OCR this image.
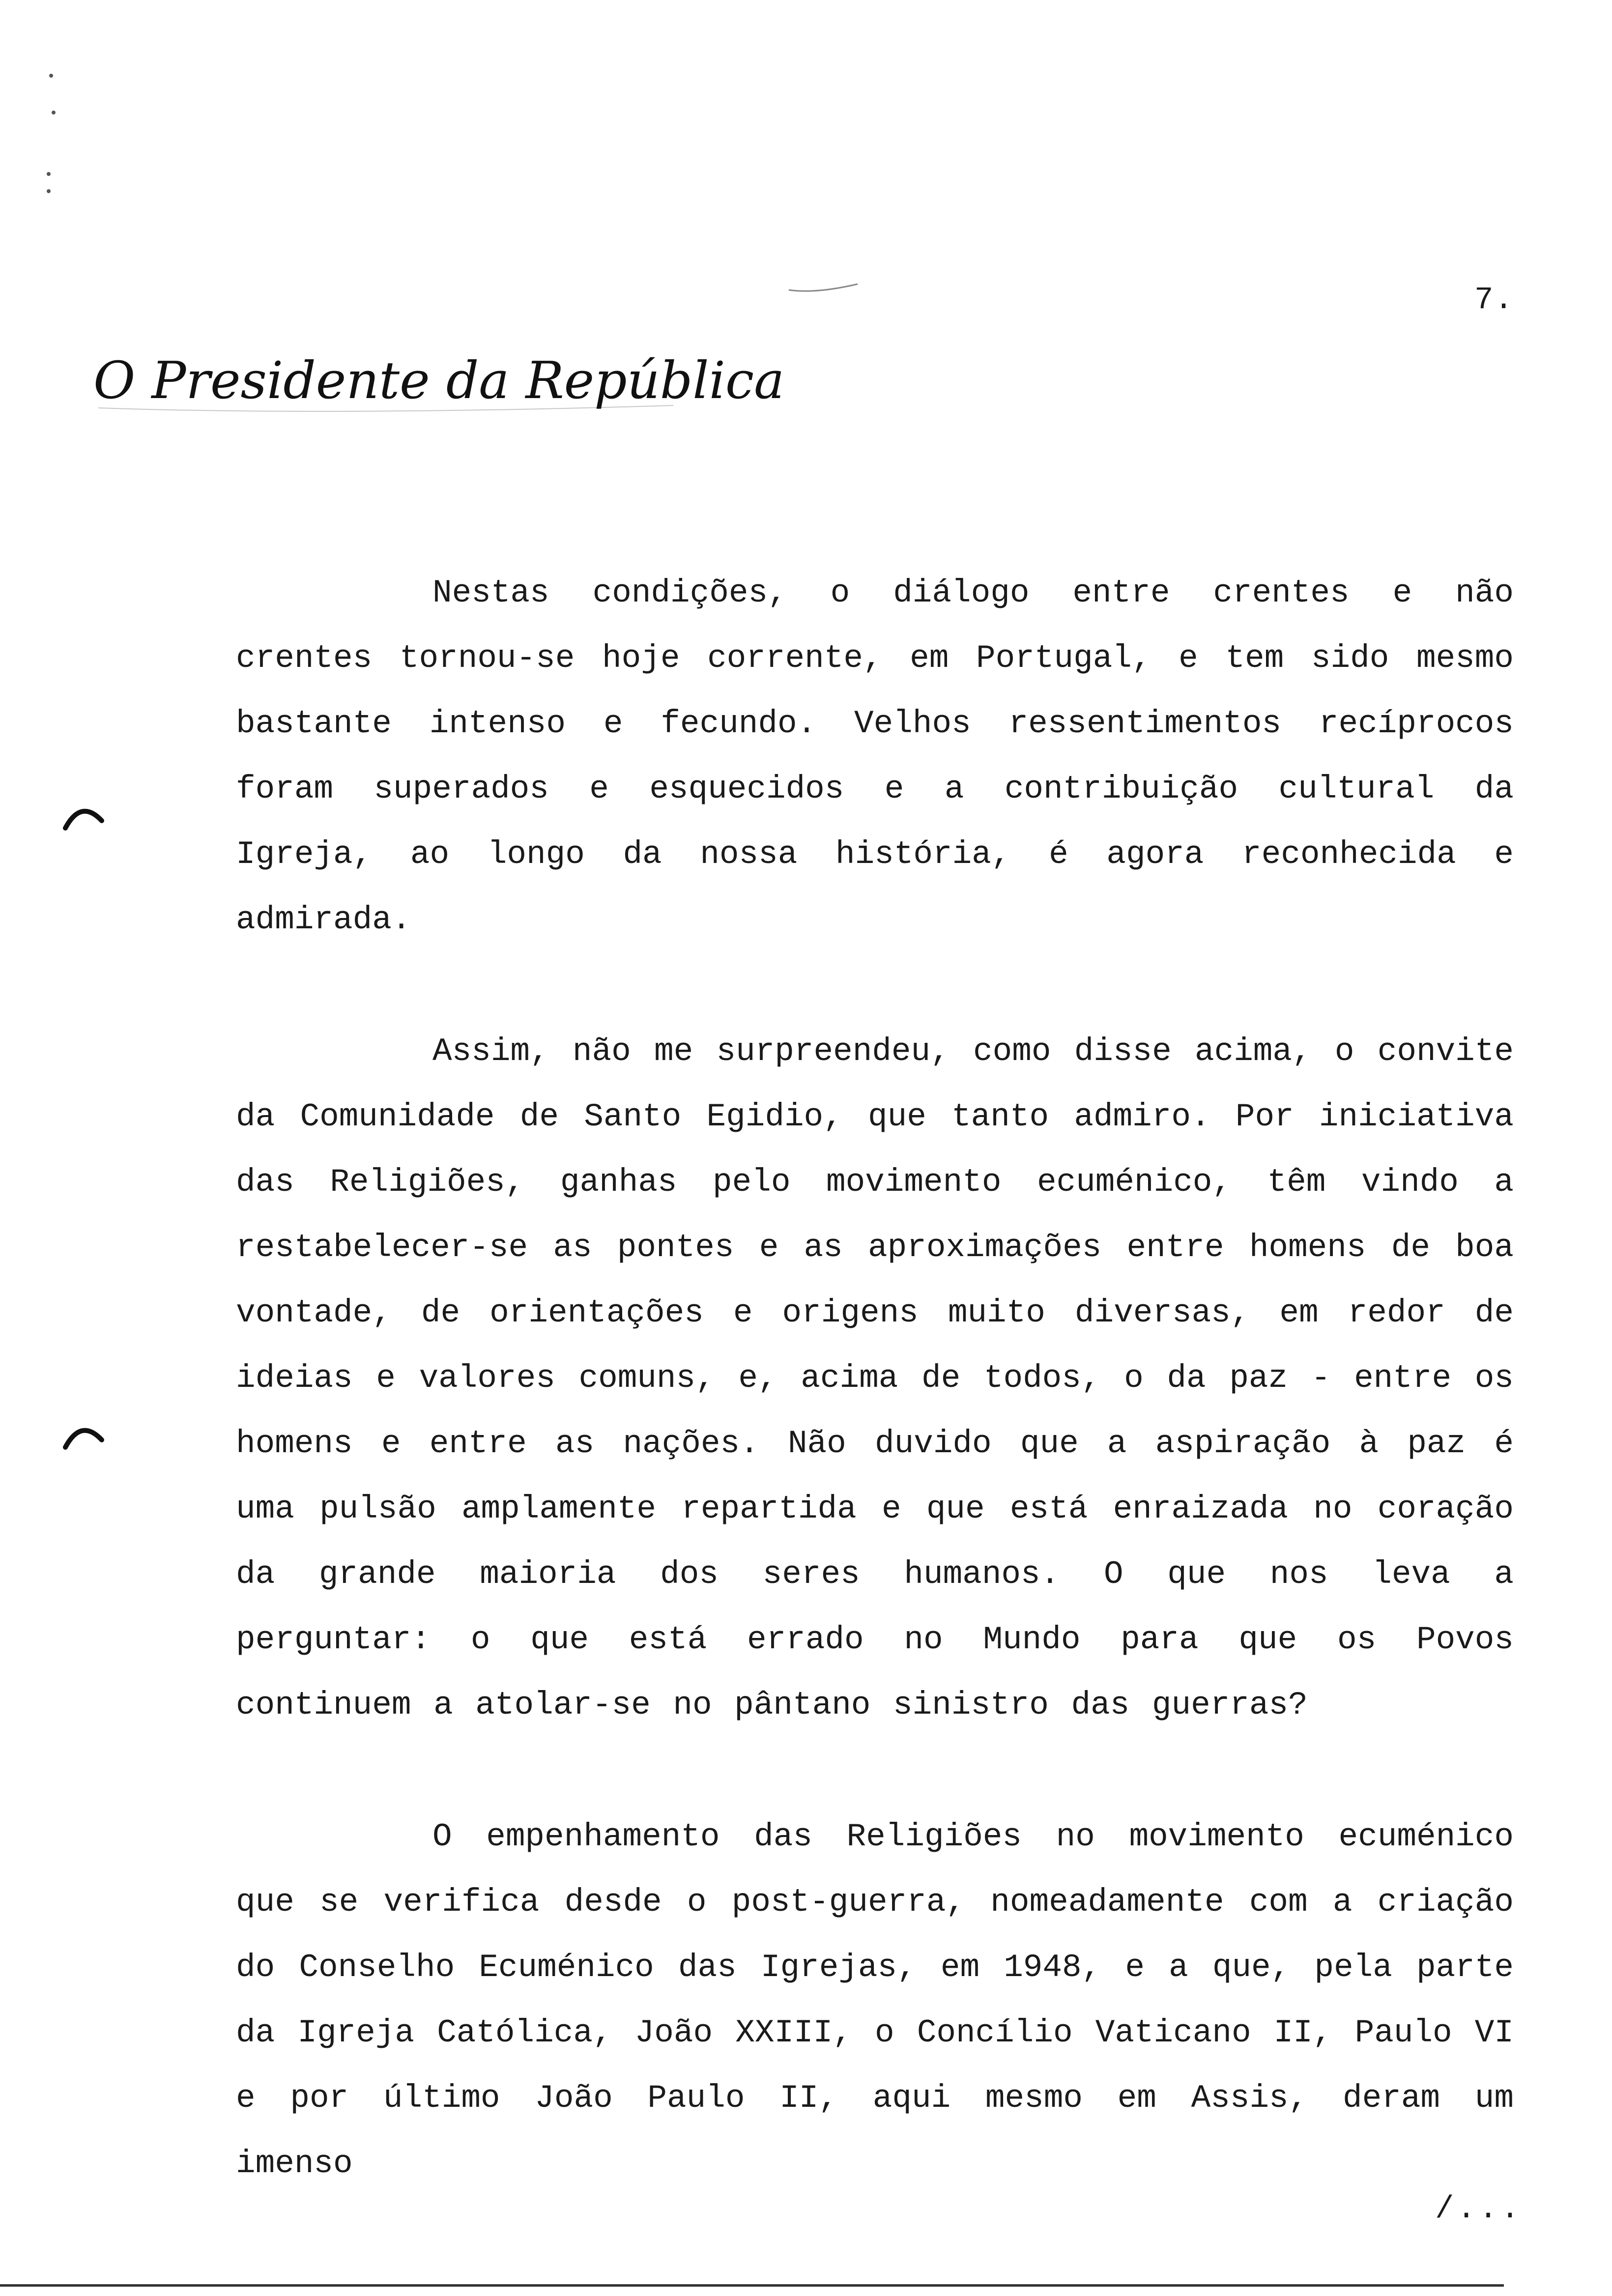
7.
O Presidente da República

Nestas condições, o diálogo entre crentes e não crentes tornou-se hoje corrente, em Portugal, e tem sido mesmo bastante intenso e fecundo. Velhos ressentimentos recíprocos foram superados e esquecidos e a contribuição cultural da Igreja, ao longo da nossa história, é agora reconhecida e admirada.

Assim, não me surpreendeu, como disse acima, o convite da Comunidade de Santo Egidio, que tanto admiro. Por iniciativa das Religiões, ganhas pelo movimento ecuménico, têm vindo a restabelecer-se as pontes e as aproximações entre homens de boa vontade, de orientações e origens muito diversas, em redor de ideias e valores comuns, e, acima de todos, o da paz - entre os homens e entre as nações. Não duvido que a aspiração à paz é uma pulsão amplamente repartida e que está enraizada no coração da grande maioria dos seres humanos. O que nos leva a perguntar: o que está errado no Mundo para que os Povos continuem a atolar-se no pântano sinistro das guerras?

O empenhamento das Religiões no movimento ecuménico que se verifica desde o post-guerra, nomeadamente com a criação do Conselho Ecuménico das Igrejas, em 1948, e a que, pela parte da Igreja Católica, João XXIII, o Concílio Vaticano II, Paulo VI e por último João Paulo II, aqui mesmo em Assis, deram um imenso

/...
